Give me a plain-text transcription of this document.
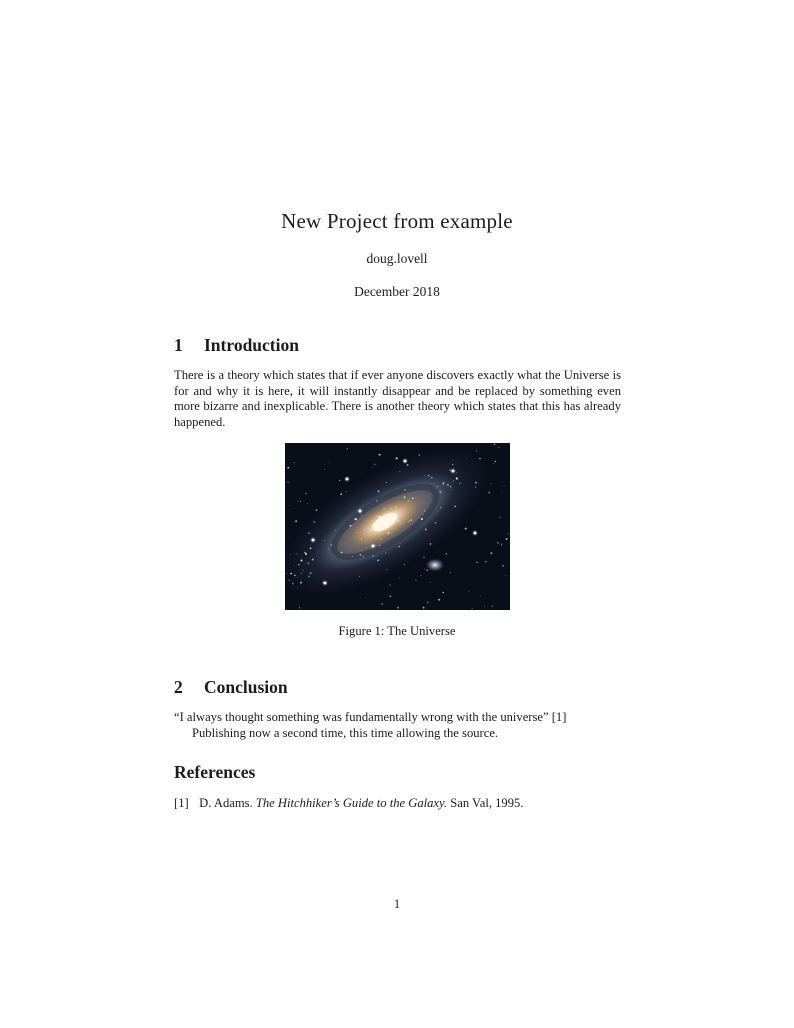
New Project from example
doug.lovell
December 2018
1 Introduction
There is a theory which states that if ever anyone discovers exactly what the Universe is for and why it is here, it will instantly disappear and be replaced by something even more bizarre and inexplicable. There is another theory which states that this has already happened.
Figure 1: The Universe
2 Conclusion
“I always thought something was fundamentally wrong with the universe” [1]
Publishing now a second time, this time allowing the source.
References
[1] D. Adams. The Hitchhiker’s Guide to the Galaxy. San Val, 1995.
1
